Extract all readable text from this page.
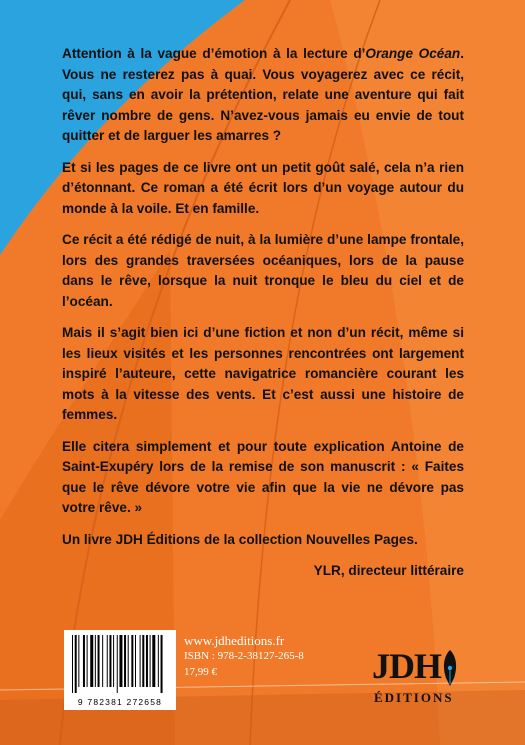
Attention à la vague d’émotion à la lecture d’Orange Océan. Vous ne resterez pas à quai. Vous voyagerez avec ce récit, qui, sans en avoir la prétention, relate une aventure qui fait rêver nombre de gens. N’avez-vous jamais eu envie de tout quitter et de larguer les amarres ?

Et si les pages de ce livre ont un petit goût salé, cela n’a rien d’étonnant. Ce roman a été écrit lors d’un voyage autour du monde à la voile. Et en famille.

Ce récit a été rédigé de nuit, à la lumière d’une lampe frontale, lors des grandes traversées océaniques, lors de la pause dans le rêve, lorsque la nuit tronque le bleu du ciel et de l’océan.

Mais il s’agit bien ici d’une fiction et non d’un récit, même si les lieux visités et les personnes rencontrées ont largement inspiré l’auteure, cette navigatrice romancière courant les mots à la vitesse des vents. Et c’est aussi une histoire de femmes.

Elle citera simplement et pour toute explication Antoine de Saint-Exupéry lors de la remise de son manuscrit : « Faites que le rêve dévore votre vie afin que la vie ne dévore pas votre rêve. »

Un livre JDH Éditions de la collection Nouvelles Pages.

YLR, directeur littéraire

9 782381 272658
www.jdheditions.fr
ISBN : 978-2-38127-265-8
17,99 €	JDH
ÉDITIONS
